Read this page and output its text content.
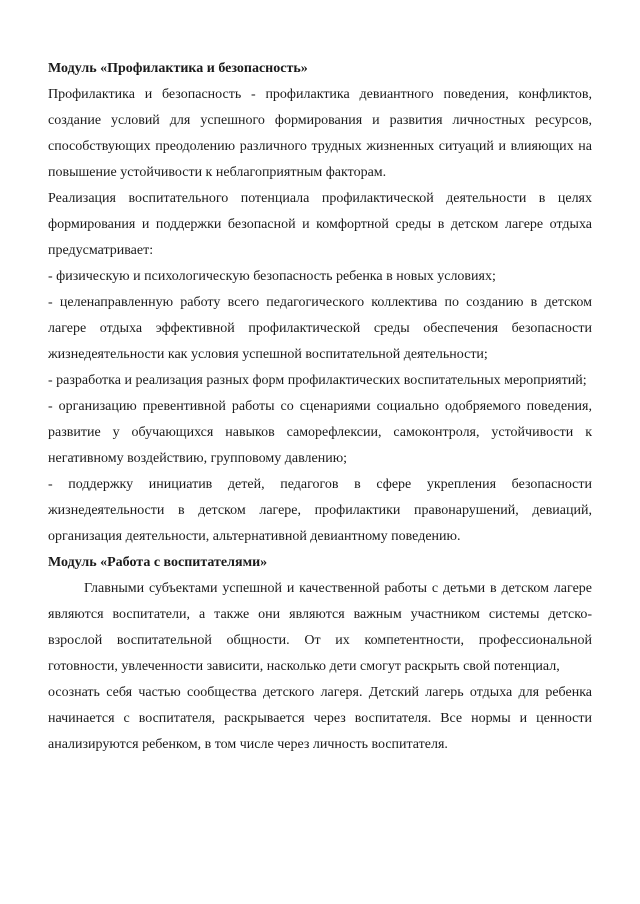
Модуль «Профилактика и безопасность»

Профилактика и безопасность - профилактика девиантного поведения, конфликтов, создание условий для успешного формирования и развития личностных ресурсов, способствующих преодолению различного трудных жизненных ситуаций и влияющих на повышение устойчивости к неблагоприятным факторам.

Реализация воспитательного потенциала профилактической деятельности в целях формирования и поддержки безопасной и комфортной среды в детском лагере отдыха предусматривает:

- физическую и психологическую безопасность ребенка в новых условиях;

- целенаправленную работу всего педагогического коллектива по созданию в детском лагере отдыха эффективной профилактической среды обеспечения безопасности жизнедеятельности как условия успешной воспитательной деятельности;

- разработка и реализация разных форм профилактических воспитательных мероприятий;

- организацию превентивной работы со сценариями социально одобряемого поведения, развитие у обучающихся навыков саморефлексии, самоконтроля, устойчивости к негативному воздействию, групповому давлению;

- поддержку инициатив детей, педагогов в сфере укрепления безопасности жизнедеятельности в детском лагере, профилактики правонарушений, девиаций, организация деятельности, альтернативной девиантному поведению.

Модуль «Работа с воспитателями»

Главными субъектами успешной и качественной работы с детьми в детском лагере являются воспитатели, а также они являются важным участником системы детско-взрослой воспитательной общности. От их компетентности, профессиональной готовности, увлеченности зависити, насколько дети смогут раскрыть свой потенциал,

осознать себя частью сообщества детского лагеря. Детский лагерь отдыха для ребенка начинается с воспитателя, раскрывается через воспитателя. Все нормы и ценности анализируются ребенком, в том числе через личность воспитателя.
